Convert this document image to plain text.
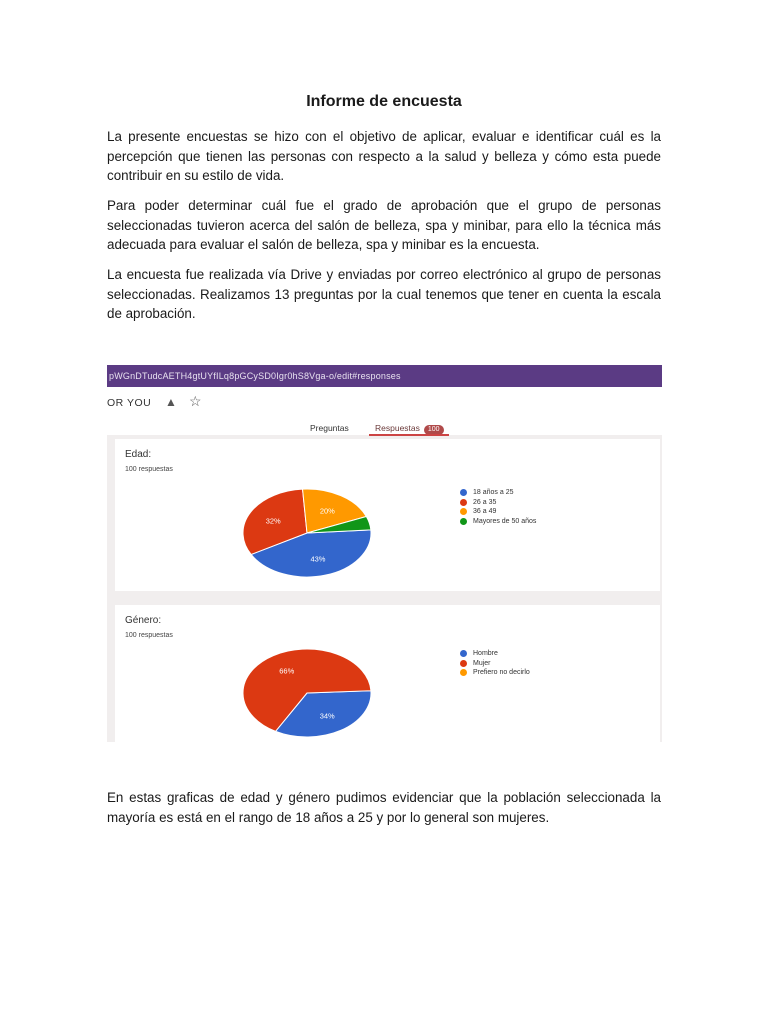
Informe de encuesta

La presente encuestas se hizo con el objetivo de aplicar, evaluar e identificar cuál es la percepción que tienen las personas con respecto a la salud y belleza y cómo esta puede contribuir en su estilo de vida.

Para poder determinar cuál fue el grado de aprobación que el grupo de personas seleccionadas tuvieron acerca del salón de belleza, spa y minibar, para ello la técnica más adecuada para evaluar el salón de belleza, spa y minibar es la encuesta.

La encuesta fue realizada vía Drive y enviadas por correo electrónico al grupo de personas seleccionadas. Realizamos 13 preguntas por la cual tenemos que tener en cuenta la escala de aprobación.

pWGnDTudcAETH4gtUYfILq8pGCySD0Igr0hS8Vga-o/edit#responses
OR YOU ▲ ☆
Preguntas	Respuestas 100
Edad:
100 respuestas
43%
32%
20%
18 años a 25
26 a 35
36 a 49
Mayores de 50 años
Género:
100 respuestas
34%
66%
Hombre
Mujer
Prefiero no decirlo

En estas graficas de edad y género pudimos evidenciar que la población seleccionada la mayoría es está en el rango de 18 años a 25 y por lo general son mujeres.
